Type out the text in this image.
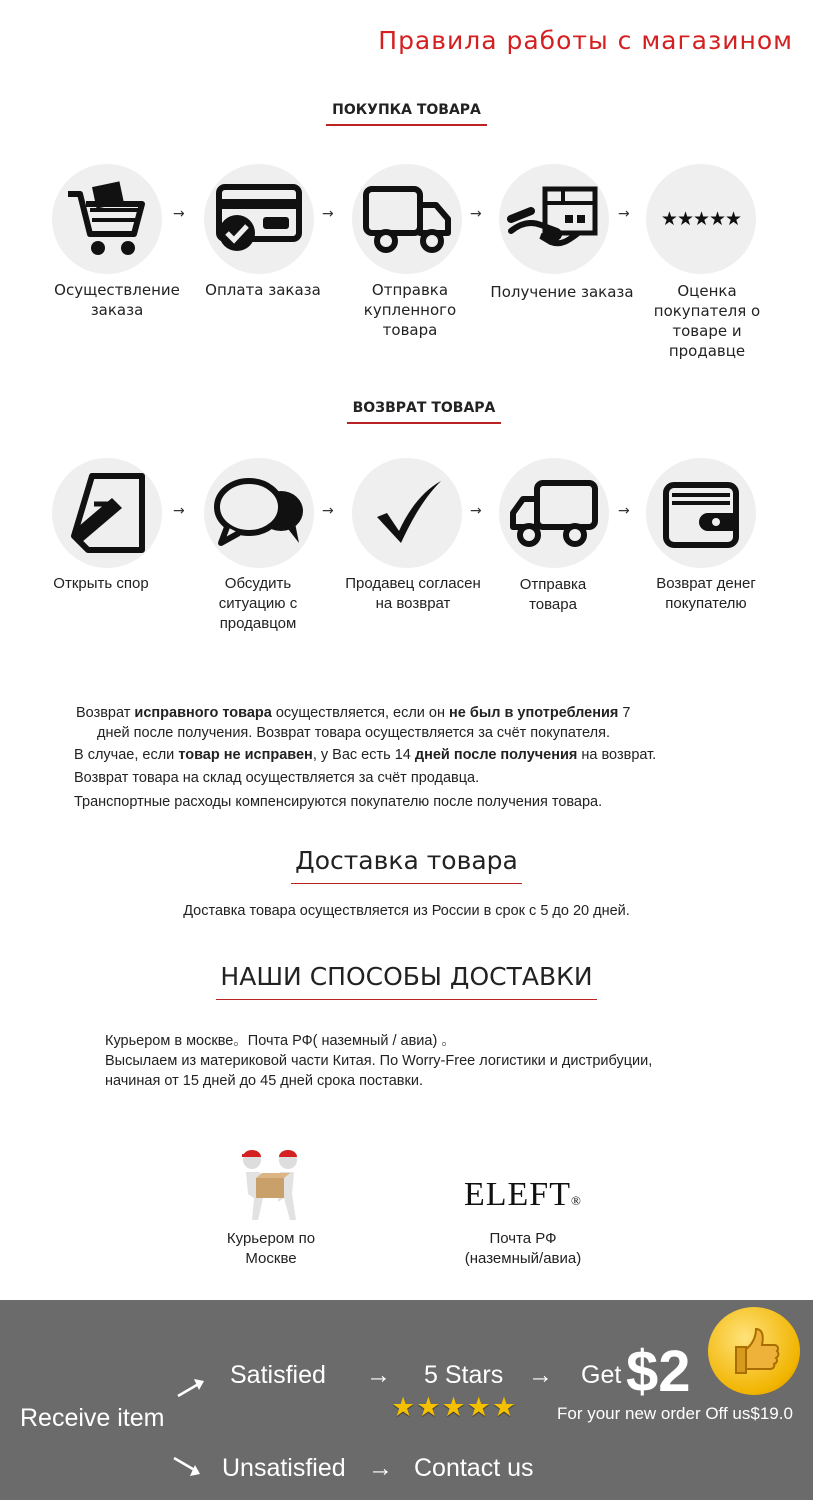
Правила работы с магазином
ПОКУПКА ТОВАРА
→	→	→	→ ★★★★★
Осуществление заказа
Оплата заказа	Отправка купленного товара
Получение заказа	Оценка покупателя о товаре и продавце
ВОЗВРАТ ТОВАРА
→	→	→	→
Открыть спор	Обсудить ситуацию с продавцом
Продавец согласен на возврат
Отправка товара
Возврат денег покупателю
Возврат исправного товара осуществляется, если он не был в употребления 7
дней после получения. Возврат товара осуществляется за счёт покупателя.
В случае, если товар не исправен, у Вас есть 14 дней после получения на возврат.
Возврат товара на склад осуществляется за счёт продавца.
Транспортные расходы компенсируются покупателю после получения товара.
Доставка товара
Доставка товара осуществляется из России в срок с 5 до 20 дней.
НАШИ СПОСОБЫ ДОСТАВКИ
Курьером в москве。Почта РФ( наземный / авиа) 。
Высылаем из матeриковой части Китая. По Worry-Free логистики и дистрибуции,
начиная от 15 дней до 45 дней срока поставки.
Курьером по
Москве
ELEFT®
Почта РФ
(наземный/авиа)
Receive item
Satisfied → 5 Stars → Get $2
★★★★★ For your new order Off us$19.0
Unsatisfied → Contact us
